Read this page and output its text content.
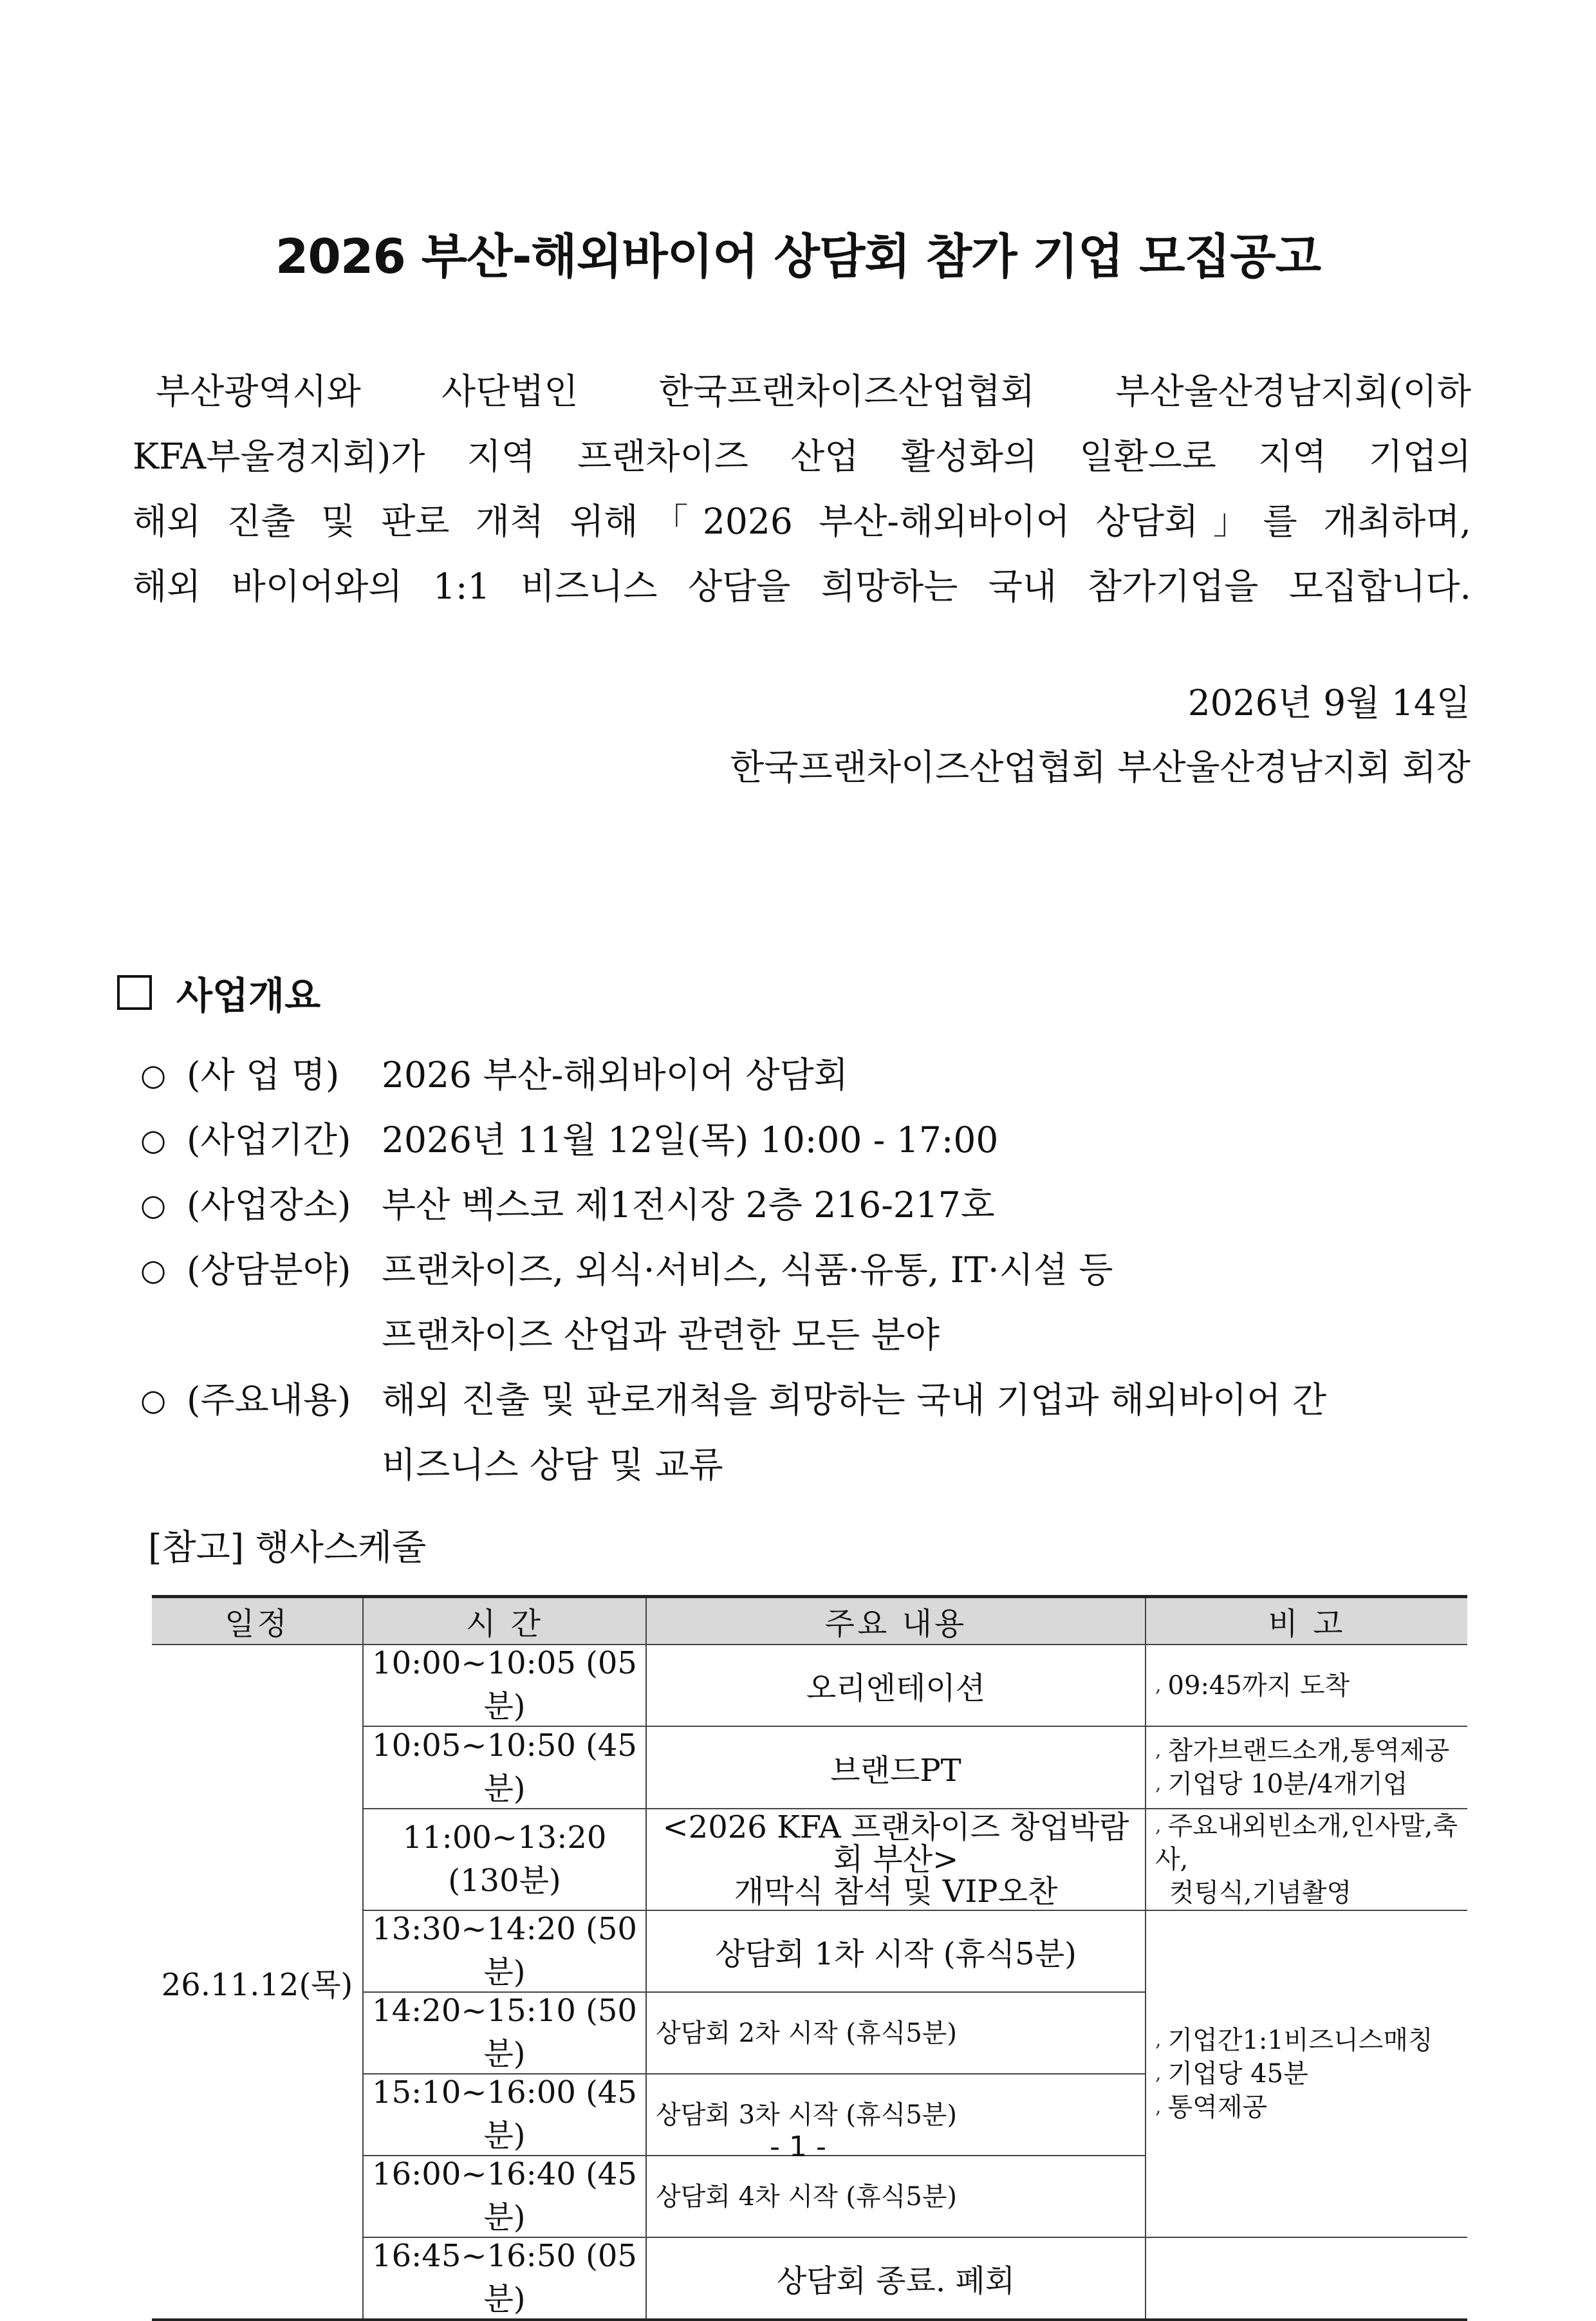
2026 부산-해외바이어 상담회 참가 기업 모집공고
부산광역시와 사단법인 한국프랜차이즈산업협회 부산울산경남지회(이하
KFA부울경지회)가 지역 프랜차이즈 산업 활성화의 일환으로 지역 기업의
해외 진출 및 판로 개척 위해「2026 부산-해외바이어 상담회」를 개최하며,
해외 바이어와의 1:1 비즈니스 상담을 희망하는 국내 참가기업을 모집합니다.
2026년 9월 14일
한국프랜차이즈산업협회 부산울산경남지회 회장
사업개요
○ (사 업 명) 2026 부산-해외바이어 상담회
○ (사업기간) 2026년 11월 12일(목) 10:00 - 17:00
○ (사업장소) 부산 벡스코 제1전시장 2층 216-217호
○ (상담분야) 프랜차이즈, 외식·서비스, 식품·유통, IT·시설 등
프랜차이즈 산업과 관련한 모든 분야
○ (주요내용) 해외 진출 및 판로개척을 희망하는 국내 기업과 해외바이어 간
비즈니스 상담 및 교류
[참고] 행사스케줄
일정	시 간	주요 내용	비 고
26.11.12(목)	10:00~10:05 (05분)	오리엔테이션	, 09:45까지 도착

	10:05~10:50 (45분)	브랜드PT	, 참가브랜드소개,통역제공
, 기업당 10분/4개기업

	11:00~13:20 (130분)	<2026 KFA 프랜차이즈 창업박람회 부산>
개막식 참석 및 VIP오찬	, 주요내외빈소개,인사말,축사,
컷팅식,기념촬영

	13:30~14:20 (50분)	상담회 1차 시작 (휴식5분)	, 기업간1:1비즈니스매칭
, 기업당 45분
, 통역제공

	14:20~15:10 (50분)	상담회 2차 시작 (휴식5분)	
	15:10~16:00 (45분)	상담회 3차 시작 (휴식5분)	
	16:00~16:40 (45분)	상담회 4차 시작 (휴식5분)	
	16:45~16:50 (05분)	상담회 종료. 폐회	
- 1 -
